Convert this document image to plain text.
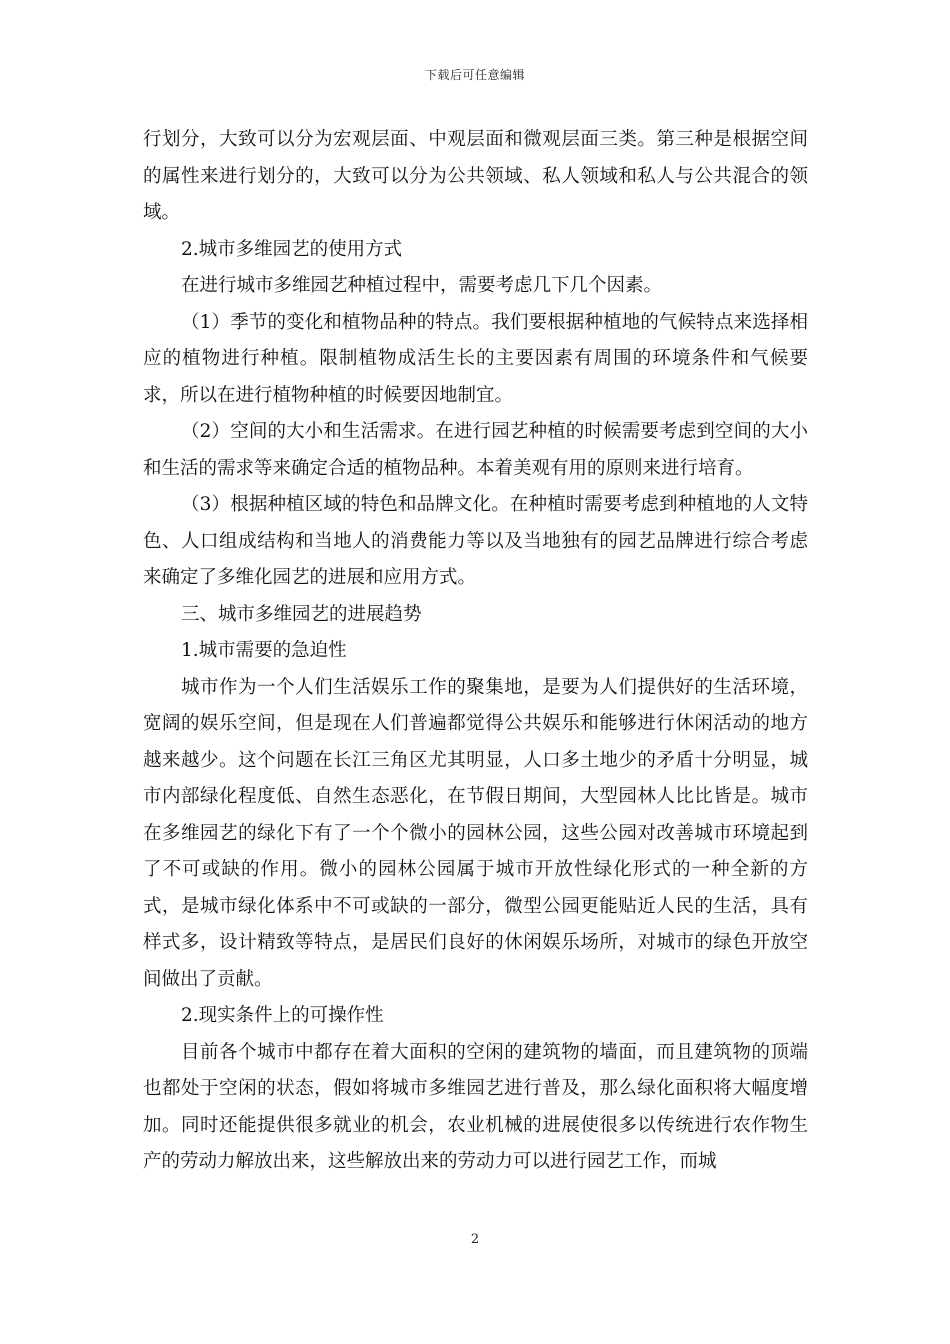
下载后可任意编辑

行划分，大致可以分为宏观层面、中观层面和微观层面三类。第三种是根据空间的属性来进行划分的，大致可以分为公共领域、私人领域和私人与公共混合的领域。

2.城市多维园艺的使用方式

在进行城市多维园艺种植过程中，需要考虑几下几个因素。

（1）季节的变化和植物品种的特点。我们要根据种植地的气候特点来选择相应的植物进行种植。限制植物成活生长的主要因素有周围的环境条件和气候要求，所以在进行植物种植的时候要因地制宜。

（2）空间的大小和生活需求。在进行园艺种植的时候需要考虑到空间的大小和生活的需求等来确定合适的植物品种。本着美观有用的原则来进行培育。

（3）根据种植区域的特色和品牌文化。在种植时需要考虑到种植地的人文特色、人口组成结构和当地人的消费能力等以及当地独有的园艺品牌进行综合考虑来确定了多维化园艺的进展和应用方式。

三、城市多维园艺的进展趋势

1.城市需要的急迫性

城市作为一个人们生活娱乐工作的聚集地，是要为人们提供好的生活环境，宽阔的娱乐空间，但是现在人们普遍都觉得公共娱乐和能够进行休闲活动的地方越来越少。这个问题在长江三角区尤其明显，人口多土地少的矛盾十分明显，城市内部绿化程度低、自然生态恶化，在节假日期间，大型园林人比比皆是。城市在多维园艺的绿化下有了一个个微小的园林公园，这些公园对改善城市环境起到了不可或缺的作用。微小的园林公园属于城市开放性绿化形式的一种全新的方式，是城市绿化体系中不可或缺的一部分，微型公园更能贴近人民的生活，具有样式多，设计精致等特点，是居民们良好的休闲娱乐场所，对城市的绿色开放空间做出了贡献。

2.现实条件上的可操作性

目前各个城市中都存在着大面积的空闲的建筑物的墙面，而且建筑物的顶端也都处于空闲的状态，假如将城市多维园艺进行普及，那么绿化面积将大幅度增加。同时还能提供很多就业的机会，农业机械的进展使很多以传统进行农作物生产的劳动力解放出来，这些解放出来的劳动力可以进行园艺工作，而城

2
